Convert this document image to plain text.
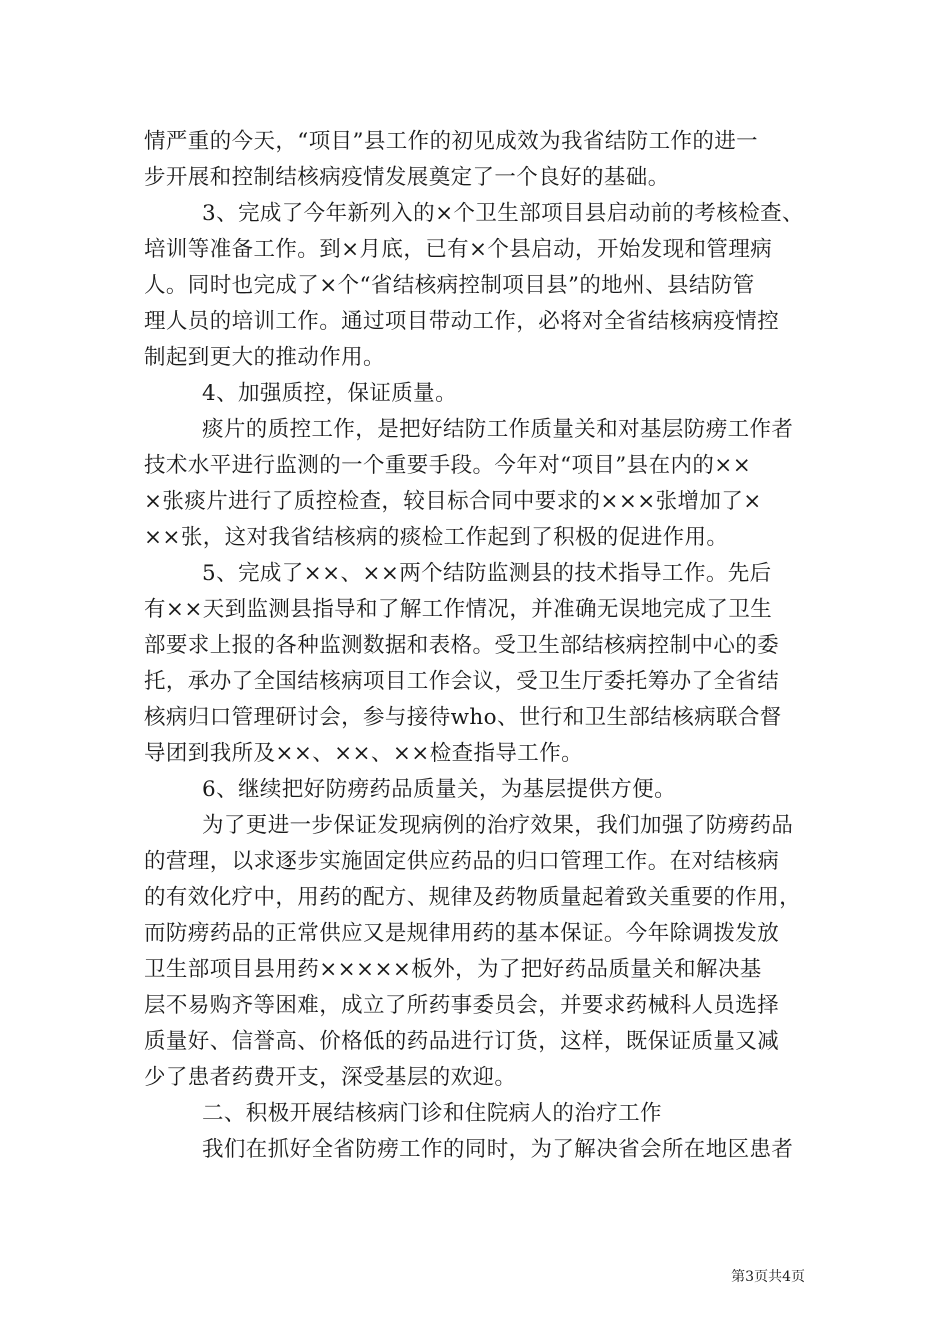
情严重的今天，“项目”县工作的初见成效为我省结防工作的进一
步开展和控制结核病疫情发展奠定了一个良好的基础。
3、完成了今年新列入的×个卫生部项目县启动前的考核检查、
培训等准备工作。到×月底，已有×个县启动，开始发现和管理病
人。同时也完成了×个“省结核病控制项目县”的地州、县结防管
理人员的培训工作。通过项目带动工作，必将对全省结核病疫情控
制起到更大的推动作用。
4、加强质控，保证质量。
痰片的质控工作，是把好结防工作质量关和对基层防痨工作者
技术水平进行监测的一个重要手段。今年对“项目”县在内的××
×张痰片进行了质控检查，较目标合同中要求的×××张增加了×
××张，这对我省结核病的痰检工作起到了积极的促进作用。
5、完成了××、××两个结防监测县的技术指导工作。先后
有××天到监测县指导和了解工作情况，并准确无误地完成了卫生
部要求上报的各种监测数据和表格。受卫生部结核病控制中心的委
托，承办了全国结核病项目工作会议，受卫生厅委托筹办了全省结
核病归口管理研讨会，参与接待who、世行和卫生部结核病联合督
导团到我所及××、××、××检查指导工作。
6、继续把好防痨药品质量关，为基层提供方便。
为了更进一步保证发现病例的治疗效果，我们加强了防痨药品
的营理，以求逐步实施固定供应药品的归口管理工作。在对结核病
的有效化疗中，用药的配方、规律及药物质量起着致关重要的作用，
而防痨药品的正常供应又是规律用药的基本保证。今年除调拨发放
卫生部项目县用药×××××板外，为了把好药品质量关和解决基
层不易购齐等困难，成立了所药事委员会，并要求药械科人员选择
质量好、信誉高、价格低的药品进行订货，这样，既保证质量又减
少了患者药费开支，深受基层的欢迎。
二、积极开展结核病门诊和住院病人的治疗工作
我们在抓好全省防痨工作的同时，为了解决省会所在地区患者
第3页共4页
